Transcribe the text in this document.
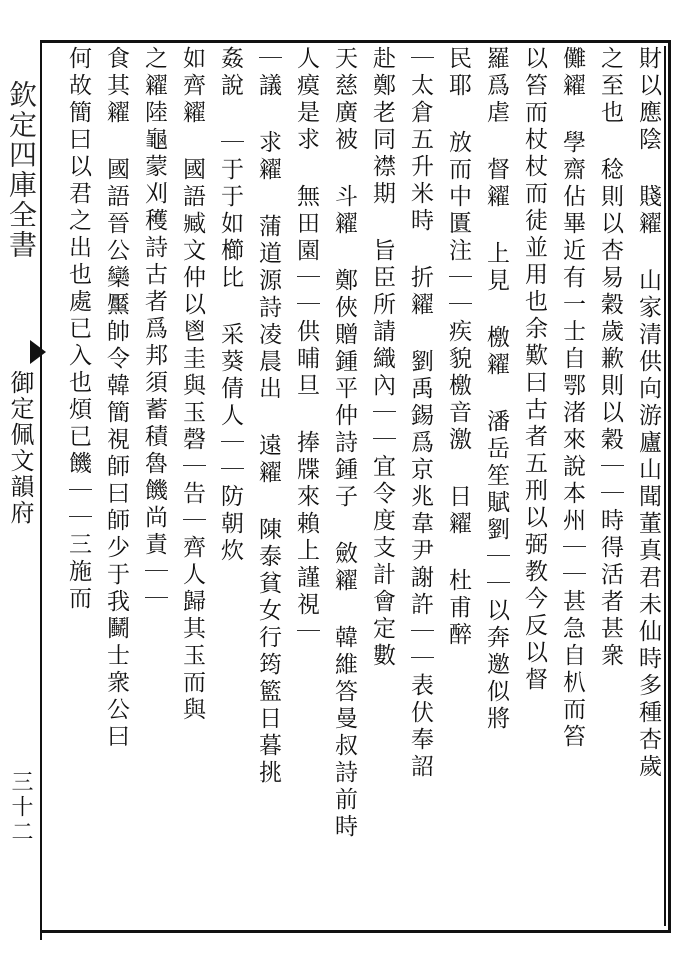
欽定四庫全書
御定佩文韻府
三十二
財以應陰 賤糴 山家清供向游廬山聞董真君未仙時多種杏歲
之至也 稔則以杏易穀歲歉則以穀｜｜時得活者甚衆
儺糴 學齋佔畢近有一士自鄂渚來說本州｜｜甚急自朳而笞
以笞而杖杖而徒並用也余歎曰古者五刑以弼教今反以督
羅爲虐 督糴 上見 檄糴 潘岳笙賦劉｜｜以奔邀似將
民耶 放而中匱注｜｜疾貌檄音激 日糴 杜甫醉
｜太倉五升米時 折糴 劉禹錫爲京兆韋尹謝許｜｜表伏奉詔
赴鄭老同襟期 旨臣所請織內｜｜宜令度支計會定數
天慈廣被 斗糴 鄭俠贈鍾平仲詩鍾子 斂糴 韓維答曼叔詩前時
人瘼是求 無田園｜｜供晡旦 捧牒來賴上謹視｜
｜議 求糴 蒲道源詩凌晨出 遠糴 陳泰貧女行筠籃日暮挑
姦說 ｜于于如櫛比 采葵倩人｜｜防朝炊
如齊糴 國語臧文仲以鬯圭與玉磬｜告｜齊人歸其玉而與
之糴陸龜蒙刈穫詩古者爲邦須蓄積魯饑尚責｜｜
食其糴 國語晉公欒黶帥令韓簡視師曰師少于我鬭士衆公曰
何故簡曰以君之出也處已入也煩已饑｜｜三施而
